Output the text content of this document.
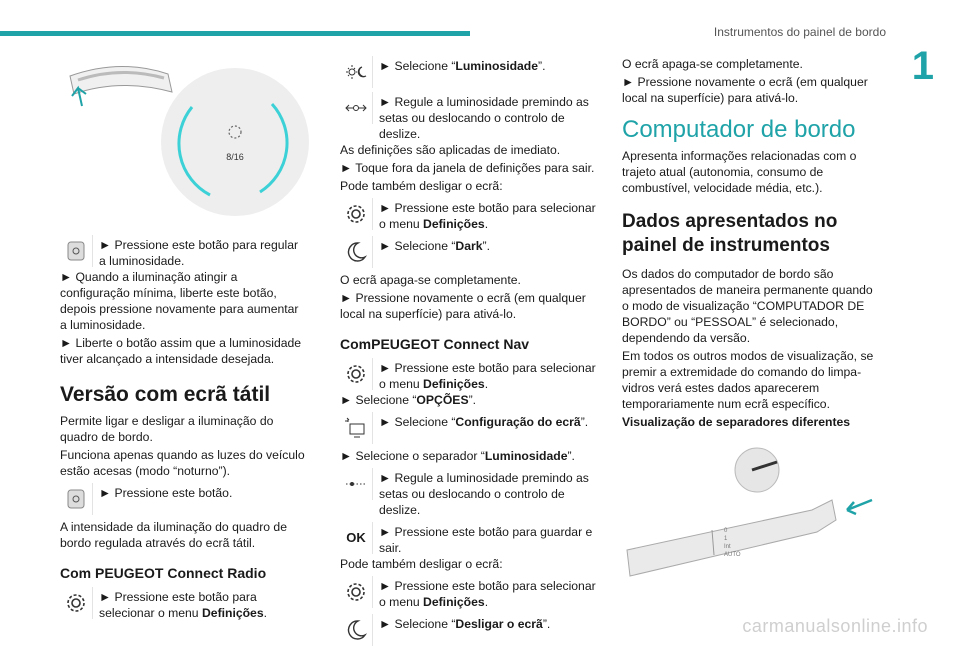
Instrumentos do painel de bordo
1
8/16
► Pressione este botão para regular a luminosidade.

► Quando a iluminação atingir a configuração mínima, liberte este botão, depois pressione novamente para aumentar a luminosidade.

► Liberte o botão assim que a luminosidade tiver alcançado a intensidade desejada.

Versão com ecrã tátil

Permite ligar e desligar a iluminação do quadro de bordo.

Funciona apenas quando as luzes do veículo estão acesas (modo “noturno”).

► Pressione este botão.

A intensidade da iluminação do quadro de bordo regulada através do ecrã tátil.

Com PEUGEOT Connect Radio
► Pressione este botão para selecionar o menu Definições.
► Selecione “Luminosidade”.
► Regule a luminosidade premindo as setas ou deslocando o controlo de deslize.

As definições são aplicadas de imediato.

► Toque fora da janela de definições para sair.

Pode também desligar o ecrã:

► Pressione este botão para selecionar o menu Definições.
► Selecione “Dark”.

O ecrã apaga-se completamente.

► Pressione novamente o ecrã (em qualquer local na superfície) para ativá-lo.

ComPEUGEOT Connect Nav
► Pressione este botão para selecionar o menu Definições.

► Selecione “OPÇÕES”.

► Selecione “Configuração do ecrã”.

► Selecione o separador “Luminosidade”.

► Regule a luminosidade premindo as setas ou deslocando o controlo de deslize.
OK	► Pressione este botão para guardar e sair.

Pode também desligar o ecrã:

► Pressione este botão para selecionar o menu Definições.
► Selecione “Desligar o ecrã”.

O ecrã apaga-se completamente.

► Pressione novamente o ecrã (em qualquer local na superfície) para ativá-lo.

Computador de bordo

Apresenta informações relacionadas com o trajeto atual (autonomia, consumo de combustível, velocidade média, etc.).

Dados apresentados no painel de instrumentos

Os dados do computador de bordo são apresentados de maneira permanente quando o modo de visualização “COMPUTADOR DE BORDO” ou “PESSOAL” é selecionado, dependendo da versão.

Em todos os outros modos de visualização, se premir a extremidade do comando do limpa-vidros verá estes dados aparecerem temporariamente num ecrã específico.

Visualização de separadores diferentes

0
1
Int
AUTO
carmanualsonline.info
